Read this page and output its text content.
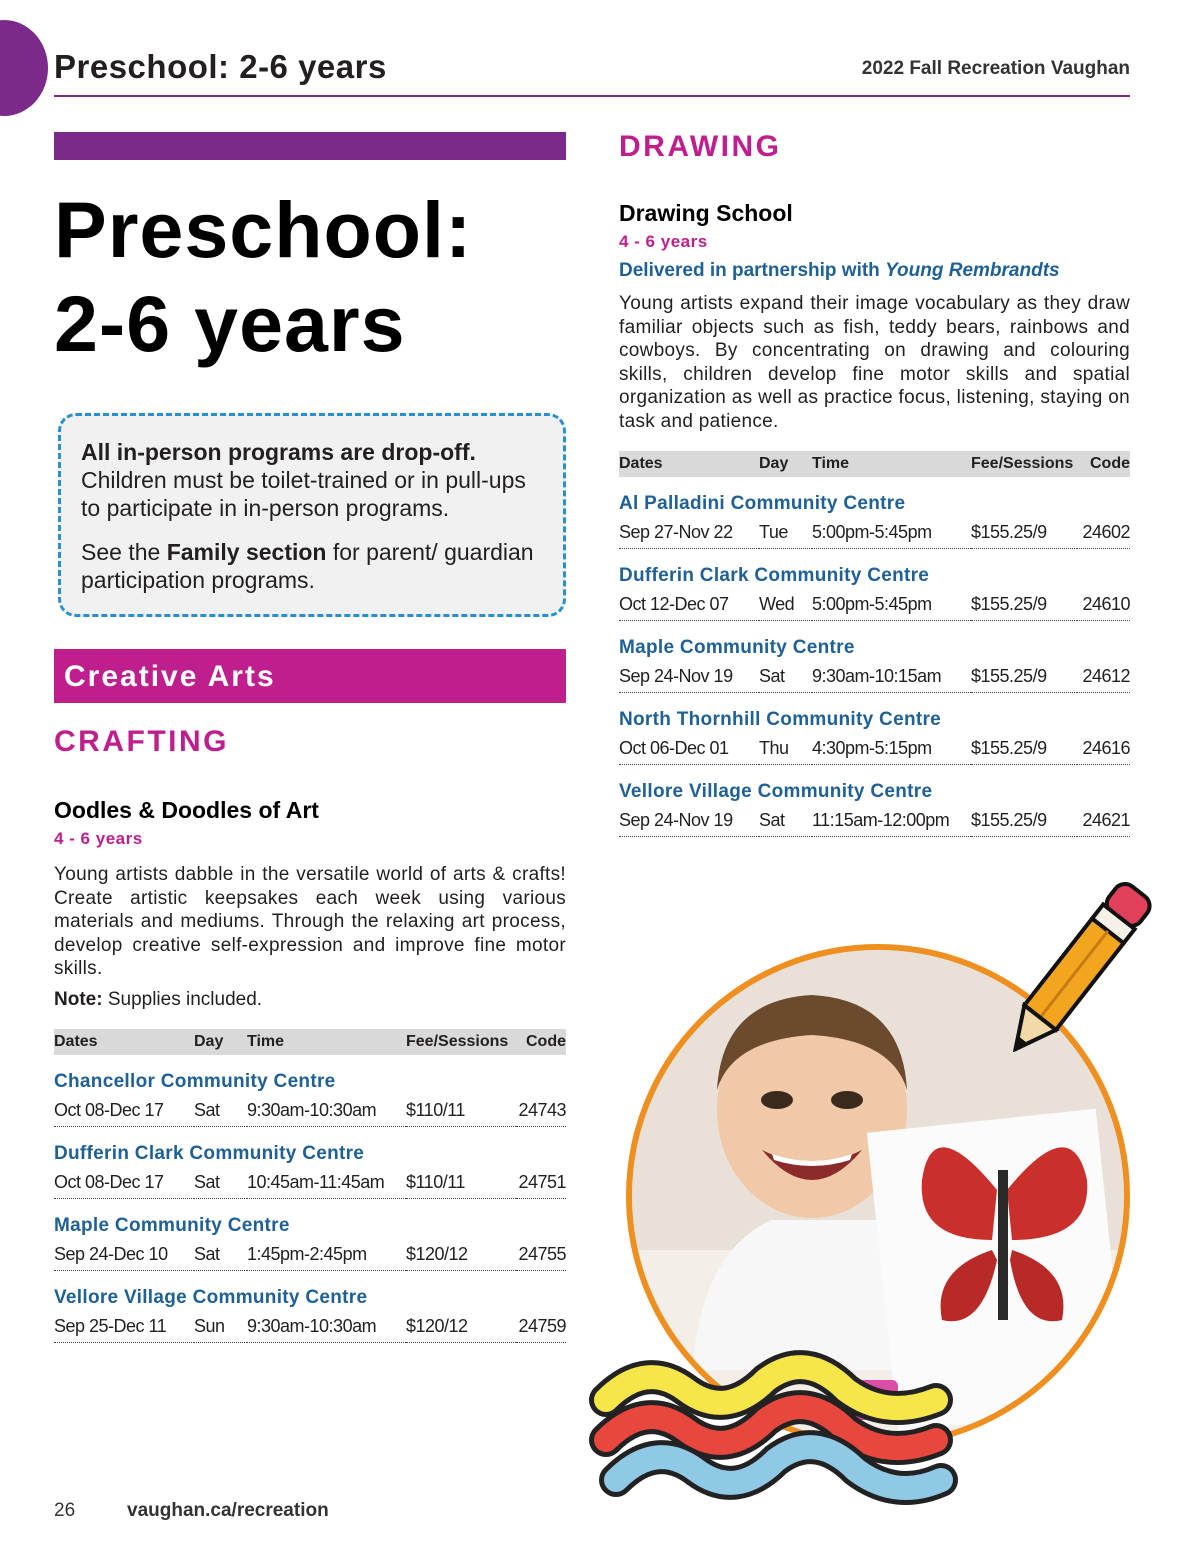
Preschool: 2-6 years	2022 Fall Recreation Vaughan
Preschool:
2-6 years

All in-person programs are drop-off. Children must be toilet-trained or in pull-ups to participate in in-person programs.

See the Family section for parent/ guardian participation programs.

Creative Arts
CRAFTING
Oodles & Doodles of Art
4 - 6 years

Young artists dabble in the versatile world of arts & crafts! Create artistic keepsakes each week using various materials and mediums. Through the relaxing art process, develop creative self-expression and improve fine motor skills.

Note: Supplies included.

Dates	Day	Time	Fee/Sessions	Code
Chancellor Community Centre				
Oct 08-Dec 17	Sat	9:30am-10:30am	$110/11	24743
Dufferin Clark Community Centre				
Oct 08-Dec 17	Sat	10:45am-11:45am	$110/11	24751
Maple Community Centre				
Sep 24-Dec 10	Sat	1:45pm-2:45pm	$120/12	24755
Vellore Village Community Centre				
Sep 25-Dec 11	Sun	9:30am-10:30am	$120/12	24759
DRAWING
Drawing School
4 - 6 years
Delivered in partnership with Young Rembrandts

Young artists expand their image vocabulary as they draw familiar objects such as fish, teddy bears, rainbows and cowboys. By concentrating on drawing and colouring skills, children develop fine motor skills and spatial organization as well as practice focus, listening, staying on task and patience.

Dates	Day	Time	Fee/Sessions	Code
Al Palladini Community Centre				
Sep 27-Nov 22	Tue	5:00pm-5:45pm	$155.25/9	24602
Dufferin Clark Community Centre				
Oct 12-Dec 07	Wed	5:00pm-5:45pm	$155.25/9	24610
Maple Community Centre				
Sep 24-Nov 19	Sat	9:30am-10:15am	$155.25/9	24612
North Thornhill Community Centre				
Oct 06-Dec 01	Thu	4:30pm-5:15pm	$155.25/9	24616
Vellore Village Community Centre				
Sep 24-Nov 19	Sat	11:15am-12:00pm	$155.25/9	24621
26	vaughan.ca/recreation
